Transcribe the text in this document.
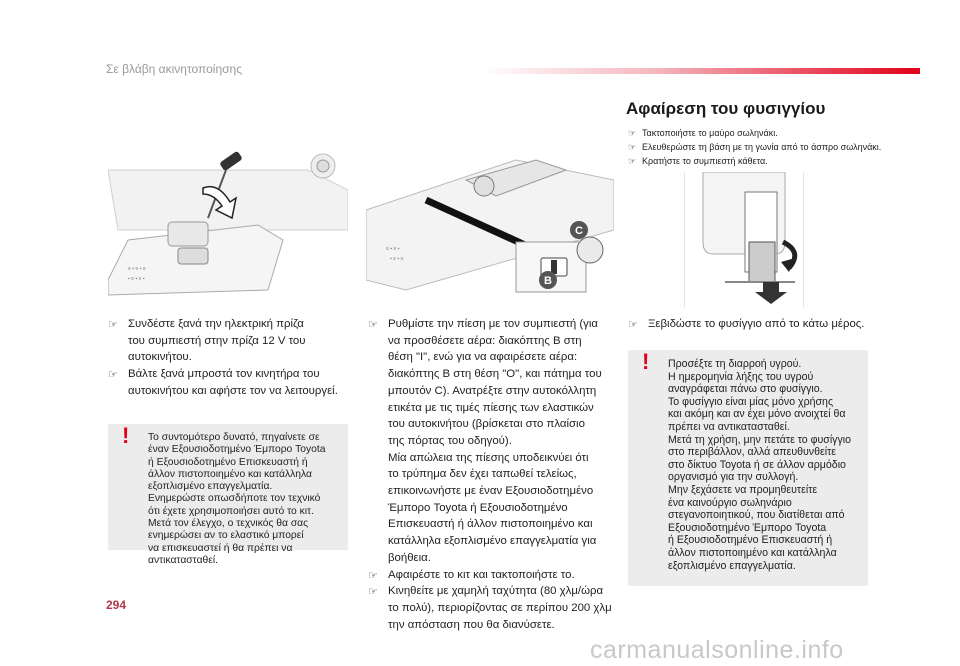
Σε βλάβη ακινητοποίησης
≡ ▪ ≡ ▪ ≡
▪ ≡ ▪ ≡ ▪
C
B
≡ ▪ ≡ ▪
▪ ≡ ▪ ≡
Αφαίρεση του φυσιγγίου
☞ Τακτοποιήστε το μαύρο σωληνάκι.
☞ Ελευθερώστε τη βάση με τη γωνία από το άσπρο σωληνάκι.
☞ Κρατήστε το συμπιεστή κάθετα.
☞ Συνδέστε ξανά την ηλεκτρική πρίζα
του συμπιεστή στην πρίζα 12 V του
αυτοκινήτου.
☞ Βάλτε ξανά μπροστά τον κινητήρα του
αυτοκινήτου και αφήστε τον να λειτουργεί.
! Το συντομότερο δυνατό, πηγαίνετε σε
έναν Εξουσιοδοτημένο Έμπορο Toyota
ή Εξουσιοδοτημένο Επισκευαστή ή
άλλον πιστοποιημένο και κατάλληλα
εξοπλισμένο επαγγελματία.
Ενημερώστε οπωσδήποτε τον τεχνικό
ότι έχετε χρησιμοποιήσει αυτό το κιτ.
Μετά τον έλεγχο, ο τεχνικός θα σας
ενημερώσει αν το ελαστικό μπορεί
να επισκευαστεί ή θα πρέπει να
αντικατασταθεί.
☞ Ρυθμίστε την πίεση με τον συμπιεστή (για
να προσθέσετε αέρα: διακόπτης B στη
θέση "I", ενώ για να αφαιρέσετε αέρα:
διακόπτης B στη θέση "O", και πάτημα του
μπουτόν C). Ανατρέξτε στην αυτοκόλλητη
ετικέτα με τις τιμές πίεσης των ελαστικών
του αυτοκινήτου (βρίσκεται στο πλαίσιο
της πόρτας του οδηγού).
Μία απώλεια της πίεσης υποδεικνύει ότι
το τρύπημα δεν έχει ταπωθεί τελείως,
επικοινωνήστε με έναν Εξουσιοδοτημένο
Έμπορο Toyota ή Εξουσιοδοτημένο
Επισκευαστή ή άλλον πιστοποιημένο και
κατάλληλα εξοπλισμένο επαγγελματία για
βοήθεια.
☞ Αφαιρέστε το κιτ και τακτοποιήστε το.
☞ Κινηθείτε με χαμηλή ταχύτητα (80 χλμ/ώρα
το πολύ), περιορίζοντας σε περίπου 200 χλμ
την απόσταση που θα διανύσετε.
☞ Ξεβιδώστε το φυσίγγιο από το κάτω μέρος.
! Προσέξτε τη διαρροή υγρού.
Η ημερομηνία λήξης του υγρού
αναγράφεται πάνω στο φυσίγγιο.
Το φυσίγγιο είναι μίας μόνο χρήσης
και ακόμη και αν έχει μόνο ανοιχτεί θα
πρέπει να αντικατασταθεί.
Μετά τη χρήση, μην πετάτε το φυσίγγιο
στο περιβάλλον, αλλά απευθυνθείτε
στο δίκτυο Toyota ή σε άλλον αρμόδιο
οργανισμό για την συλλογή.
Μην ξεχάσετε να προμηθευτείτε
ένα καινούργιο σωληνάριο
στεγανοποιητικού, που διατίθεται από
Εξουσιοδοτημένο Έμπορο Toyota
ή Εξουσιοδοτημένο Επισκευαστή ή
άλλον πιστοποιημένο και κατάλληλα
εξοπλισμένο επαγγελματία.
294
carmanualsonline.info
